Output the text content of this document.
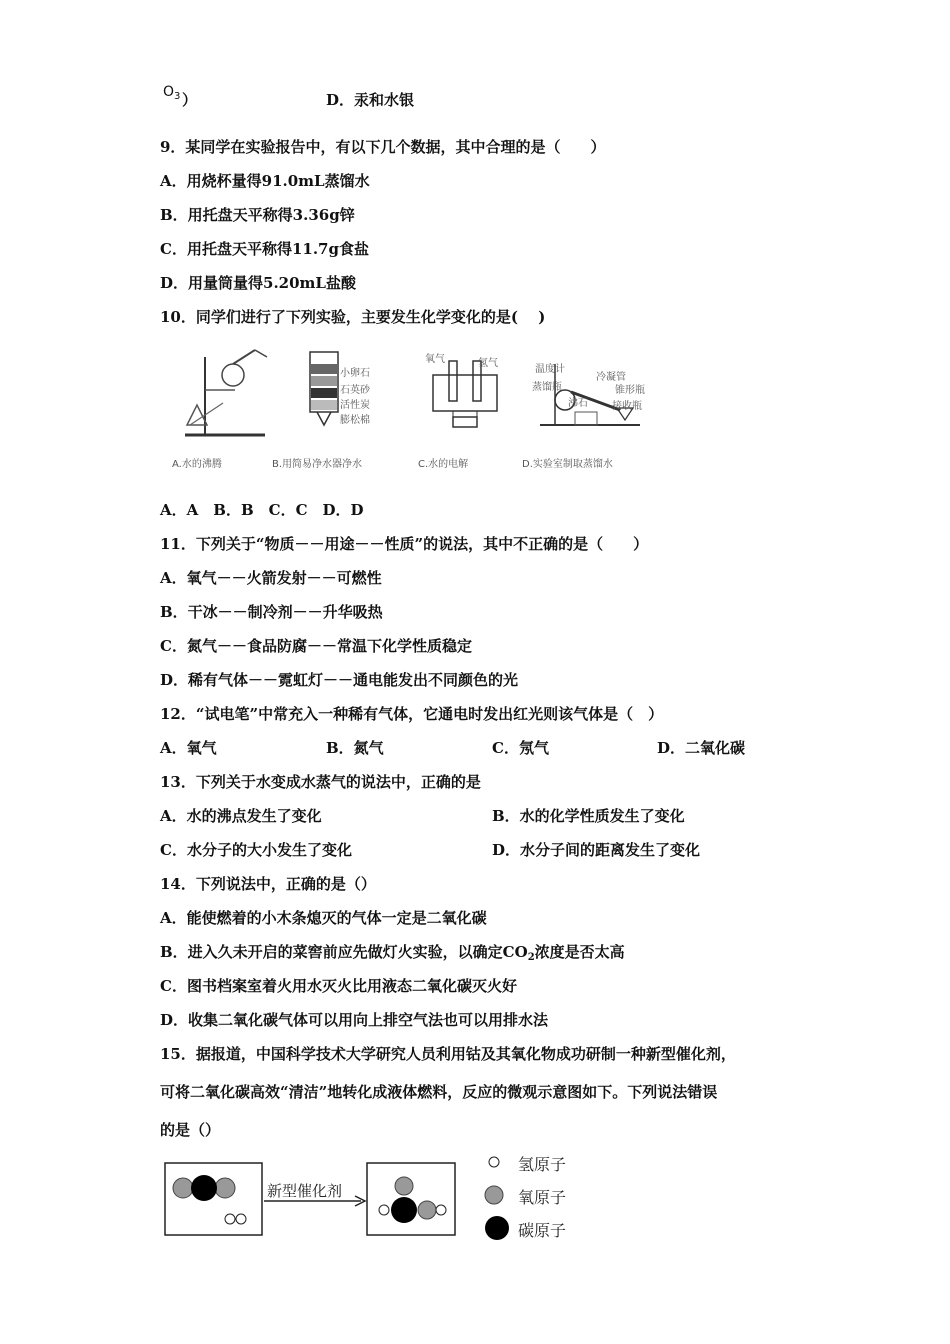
$O_3$ ）	D．汞和水银
9．某同学在实验报告中，有以下几个数据，其中合理的是（　　）
A．用烧杯量得91.0mL蒸馏水
B．用托盘天平称得3.36g锌
C．用托盘天平称得11.7g食盐
D．用量筒量得5.20mL盐酸
10．同学们进行了下列实验，主要发生化学变化的是(　 )
A.水的沸腾
小卵石
石英砂
活性炭
膨松棉
B.用简易净水器净水
氧气	氢气
C.水的电解
温度计
蒸馏瓶
沸石
冷凝管
锥形瓶
接收瓶
D.实验室制取蒸馏水
A．A　B．B　C．C　D．D
11．下列关于“物质－－用途－－性质”的说法，其中不正确的是（　　）
A．氧气－－火箭发射－－可燃性
B．干冰－－制冷剂－－升华吸热
C．氮气－－食品防腐－－常温下化学性质稳定
D．稀有气体－－霓虹灯－－通电能发出不同颜色的光
12．“试电笔”中常充入一种稀有气体，它通电时发出红光则该气体是（　）
A．氧气	B．氮气	C．氖气	D．二氧化碳
13．下列关于水变成水蒸气的说法中，正确的是
A．水的沸点发生了变化	B．水的化学性质发生了变化
C．水分子的大小发生了变化	D．水分子间的距离发生了变化
14．下列说法中，正确的是（）
A．能使燃着的小木条熄灭的气体一定是二氧化碳
B．进入久未开启的菜窖前应先做灯火实验，以确定$CO_2$浓度是否太高
C．图书档案室着火用水灭火比用液态二氧化碳灭火好
D．收集二氧化碳气体可以用向上排空气法也可以用排水法
15．据报道，中国科学技术大学研究人员利用钴及其氧化物成功研制一种新型催化剂，
可将二氧化碳高效“清洁”地转化成液体燃料，反应的微观示意图如下。下列说法错误
的是（）
新型催化剂
氢原子
氧原子
碳原子
